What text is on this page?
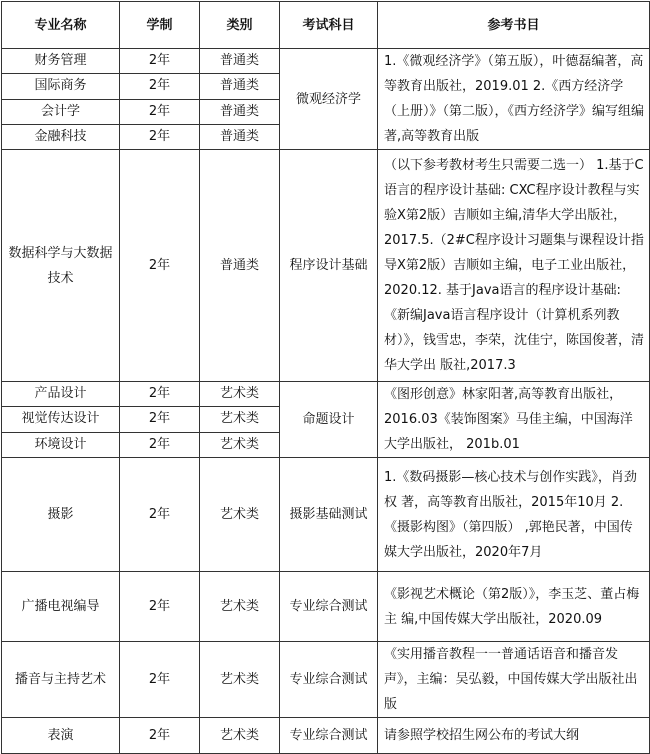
专业名称	学制	类别	考试科目	参考书目
财务管理	2年	普通类	微观经济学	1.《微观经济学》（第五版），叶德磊编著，高等教育出版社，2019.01 2.《西方经济学（上册）》（第二版），《西方经济学》编写组编著,高等教育出版
国际商务	2年	普通类		
会计学	2年	普通类		
金融科技	2年	普通类		
数据科学与大数据技术	2年	普通类	程序设计基础	（以下参考教材考生只需要二选一） 1.基于C语言的程序设计基础: CXC程序设计教程与实验X第2版）吉顺如主编,清华大学出版社，2017.5.（2#C程序设计习题集与课程设计指导X第2版）吉顺如主编，电子工业出版社，2020.12. 基于Java语言的程序设计基础: 《新编Java语言程序设计（计算机系列教材）》，钱雪忠，李荣，沈佳宁，陈国俊著，清华大学出 版社,2017.3
产品设计	2年	艺术类	命题设计	《图形创意》林家阳著,高等教育出版社， 2016.03《装饰图案》马佳主编，中国海洋大学出版社， 201b.01
视觉传达设计	2年	艺术类		
环境设计	2年	艺术类		
摄影	2年	艺术类	摄影基础测试	1.《数码摄影—核心技术与创作实践》，肖劲权 著，高等教育出版社，2015年10月 2.《摄影构图》（第四版） ,郭艳民著，中国传 媒大学出版社，2020年7月
广播电视编导	2年	艺术类	专业综合测试	《影视艺术概论（第2版）》，李玉芝、董占梅主 编,中国传媒大学出版社，2020.09
播音与主持艺术	2年	艺术类	专业综合测试	《实用播音教程一一普通话语音和播音发声》，主编：吴弘毅，中国传媒大学出版社出版
表演	2年	艺术类	专业综合测试	请参照学校招生网公布的考试大纲
